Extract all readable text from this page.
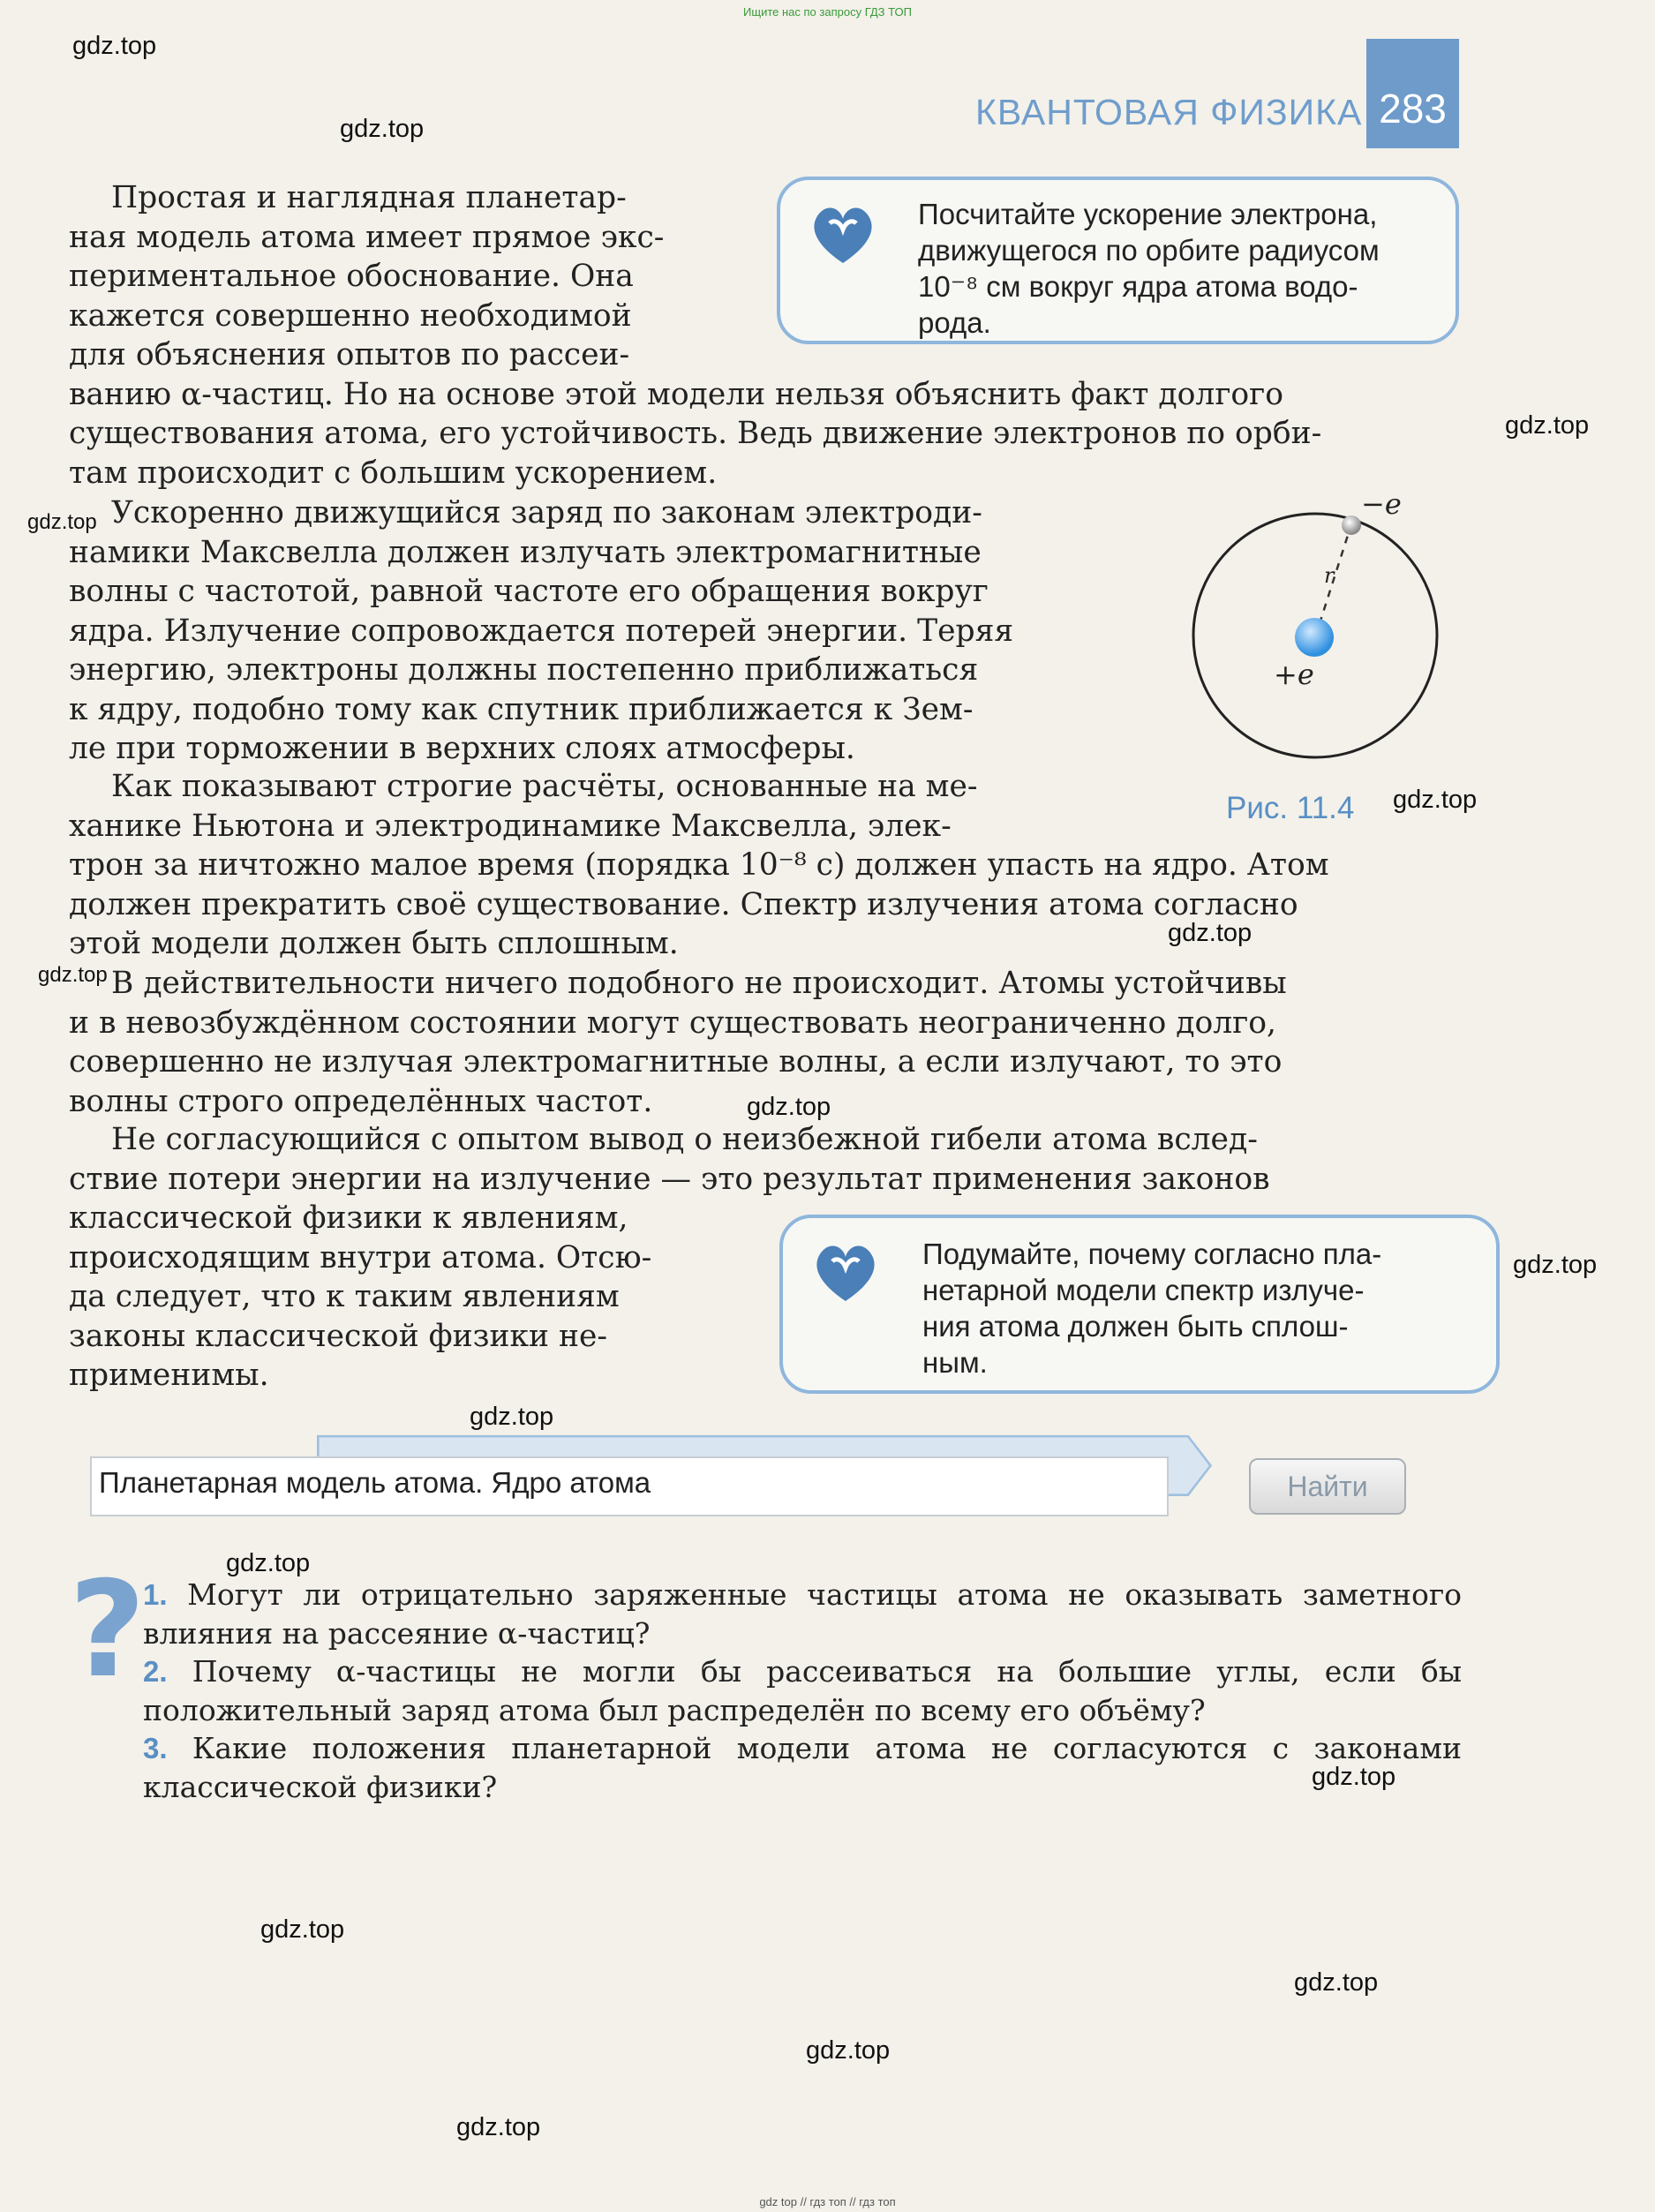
Ищите нас по запросу ГДЗ ТОП
gdz.top
gdz.top
gdz.top
gdz.top
gdz.top
gdz.top
gdz.top
gdz.top
gdz.top
gdz.top
gdz.top
gdz.top
gdz.top
gdz.top
gdz.top
gdz.top
КВАНТОВАЯ ФИЗИКА 283
Простая и наглядная планетар-
ная модель атома имеет прямое экс-
периментальное обоснование. Она
кажется совершенно необходимой
для объяснения опытов по рассеи-
ванию α-частиц. Но на основе этой модели нельзя объяснить факт долгого
существования атома, его устойчивость. Ведь движение электронов по орби-
там происходит с большим ускорением.
Ускоренно движущийся заряд по законам электроди-
намики Максвелла должен излучать электромагнитные
волны с частотой, равной частоте его обращения вокруг
ядра. Излучение сопровождается потерей энергии. Теряя
энергию, электроны должны постепенно приближаться
к ядру, подобно тому как спутник приближается к Зем-
ле при торможении в верхних слоях атмосферы.
Как показывают строгие расчёты, основанные на ме-
ханике Ньютона и электродинамике Максвелла, элек-
трон за ничтожно малое время (порядка 10⁻⁸ с) должен упасть на ядро. Атом
должен прекратить своё существование. Спектр излучения атома согласно
этой модели должен быть сплошным.
В действительности ничего подобного не происходит. Атомы устойчивы
и в невозбуждённом состоянии могут существовать неограниченно долго,
совершенно не излучая электромагнитные волны, а если излучают, то это
волны строго определённых частот.
Не согласующийся с опытом вывод о неизбежной гибели атома вслед-
ствие потери энергии на излучение — это результат применения законов
классической физики к явлениям,
происходящим внутри атома. Отсю-
да следует, что к таким явлениям
законы классической физики не-
применимы.
Посчитайте ускорение электрона,
движущегося по орбите радиусом
10⁻⁸ см вокруг ядра атома водо-
рода.
−e
+e
r
Рис. 11.4
Подумайте, почему согласно пла-
нетарной модели спектр излуче-
ния атома должен быть сплош-
ным.
Планетарная модель атома. Ядро атома	Найти
?
1. Могут ли отрицательно заряженные частицы атома не оказывать заметного влияния на рассеяние α-частиц?
2. Почему α-частицы не могли бы рассеиваться на большие углы, если бы положительный заряд атома был распределён по всему его объёму?
3. Какие положения планетарной модели атома не согласуются с законами классической физики?
gdz top // гдз топ // гдз топ
